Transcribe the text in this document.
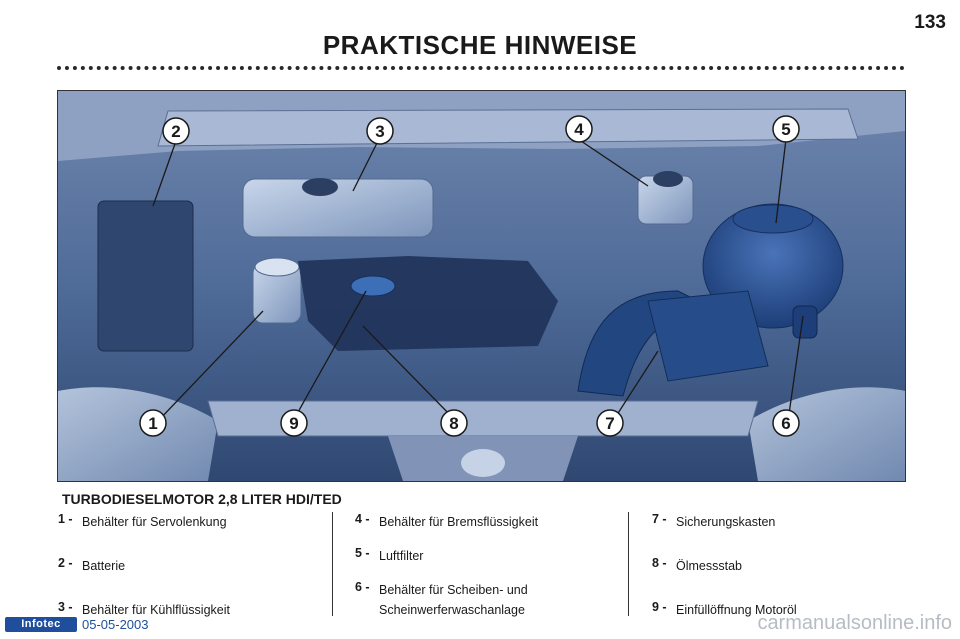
133
PRAKTISCHE HINWEISE
1
2	3	4	5
6
7
8
9
TURBODIESELMOTOR 2,8 LITER HDI/TED
1 - Behälter für Servolenkung
2 - Batterie
3 - Behälter für Kühlflüssigkeit
4 - Behälter für Bremsflüssigkeit
5 - Luftfilter
6 - Behälter für Scheiben- und
Scheinwerferwaschanlage
7 - Sicherungskasten
8 - Ölmessstab
9 - Einfüllöffnung Motoröl
Infotec	05-05-2003	carmanualsonline.info
